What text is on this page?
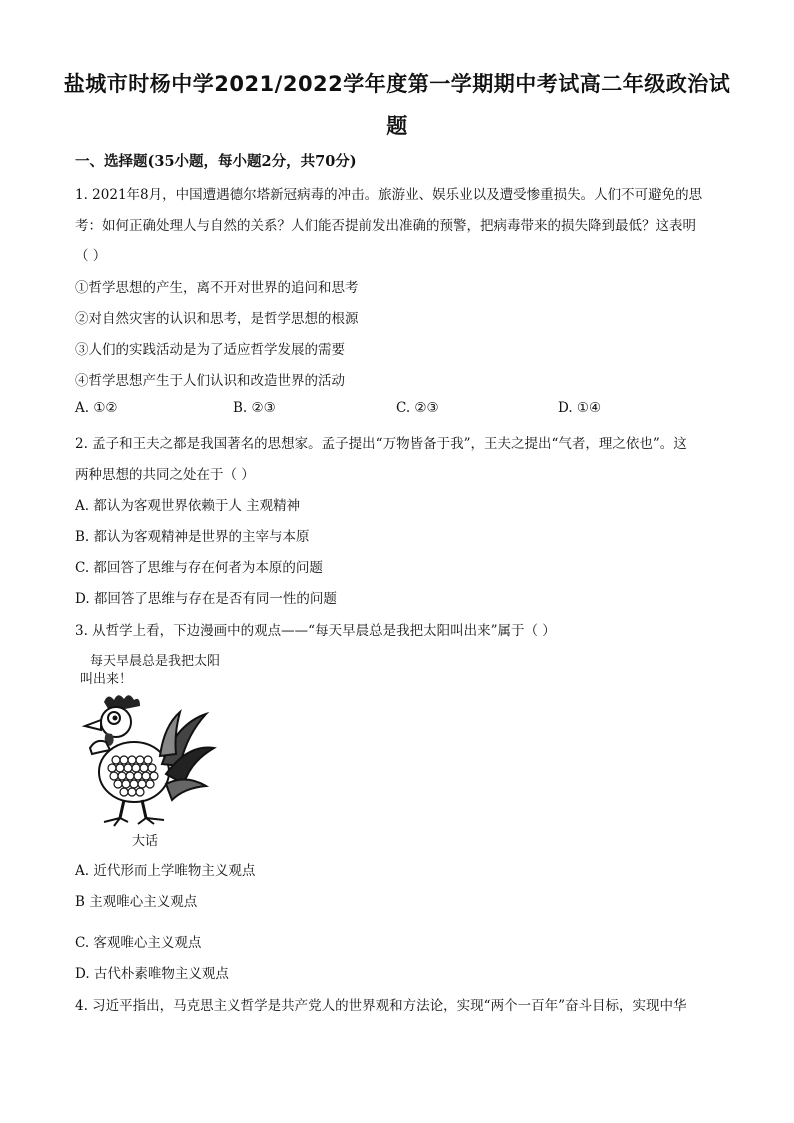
盐城市时杨中学2021/2022学年度第一学期期中考试高二年级政治试
题
一、选择题(35小题，每小题2分，共70分)
1. 2021年8月，中国遭遇德尔塔新冠病毒的冲击。旅游业、娱乐业以及遭受惨重损失。人们不可避免的思
考：如何正确处理人与自然的关系？人们能否提前发出准确的预警，把病毒带来的损失降到最低？这表明
（ ）
①哲学思想的产生，离不开对世界的追问和思考
②对自然灾害的认识和思考，是哲学思想的根源
③人们的实践活动是为了适应哲学发展的需要
④哲学思想产生于人们认识和改造世界的活动
A. ①②	B. ②③	C. ②③	D. ①④
2. 孟子和王夫之都是我国著名的思想家。孟子提出“万物皆备于我”，王夫之提出“气者，理之依也”。这
两种思想的共同之处在于（ ）
A. 都认为客观世界依赖于人 主观精神
B. 都认为客观精神是世界的主宰与本原
C. 都回答了思维与存在何者为本原的问题
D. 都回答了思维与存在是否有同一性的问题
3. 从哲学上看，下边漫画中的观点——“每天早晨总是我把太阳叫出来”属于（ ）
每天早晨总是我把太阳
叫出来！
大话
A. 近代形而上学唯物主义观点
B 主观唯心主义观点
C. 客观唯心主义观点
D. 古代朴素唯物主义观点
4. 习近平指出，马克思主义哲学是共产党人的世界观和方法论，实现“两个一百年”奋斗目标，实现中华
